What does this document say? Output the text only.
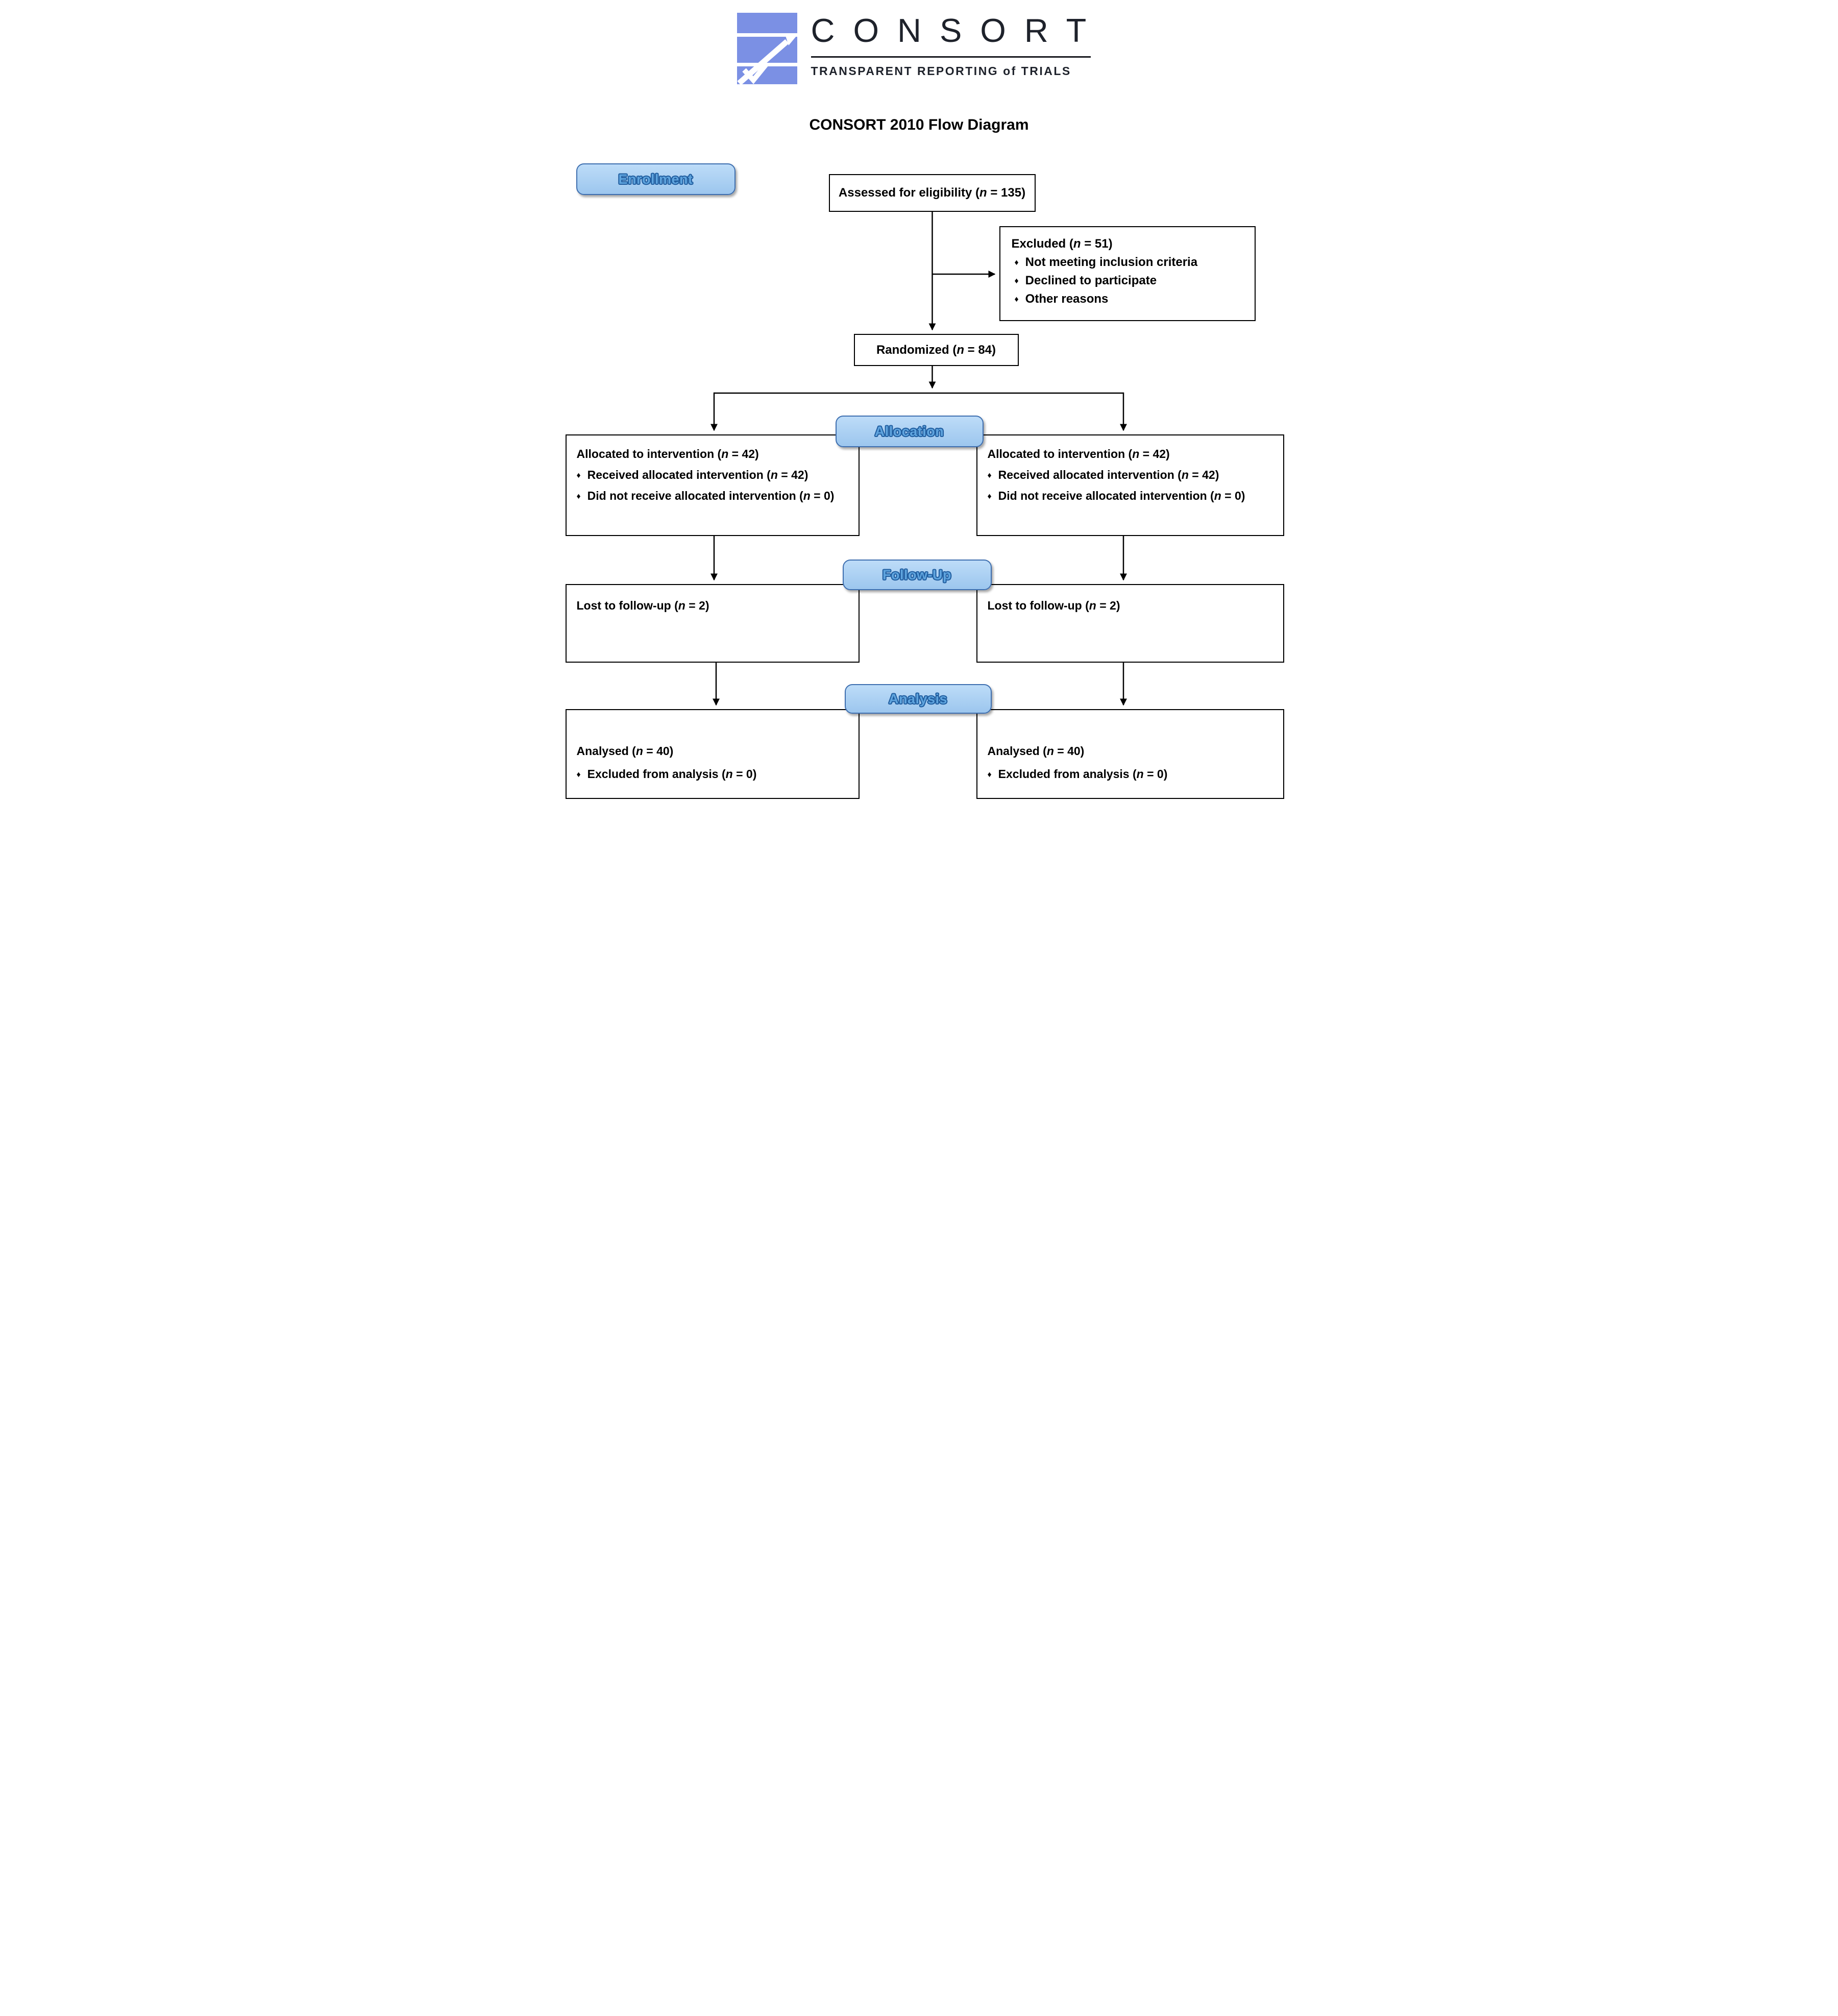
CONSORT
TRANSPARENT REPORTING of TRIALS
CONSORT 2010 Flow Diagram
Enrollment
Allocation
Follow-Up
Analysis
Assessed for eligibility (n = 135)
Excluded (n = 51)
♦ Not meeting inclusion criteria
♦ Declined to participate
♦ Other reasons
Randomized (n = 84)
Allocated to intervention (n = 42)
♦ Received allocated intervention (n = 42)
♦ Did not receive allocated intervention (n = 0)
Allocated to intervention (n = 42)
♦ Received allocated intervention (n = 42)
♦ Did not receive allocated intervention (n = 0)
Lost to follow-up (n = 2)	Lost to follow-up (n = 2)
Analysed (n = 40)
♦ Excluded from analysis (n = 0)
Analysed (n = 40)
♦ Excluded from analysis (n = 0)
